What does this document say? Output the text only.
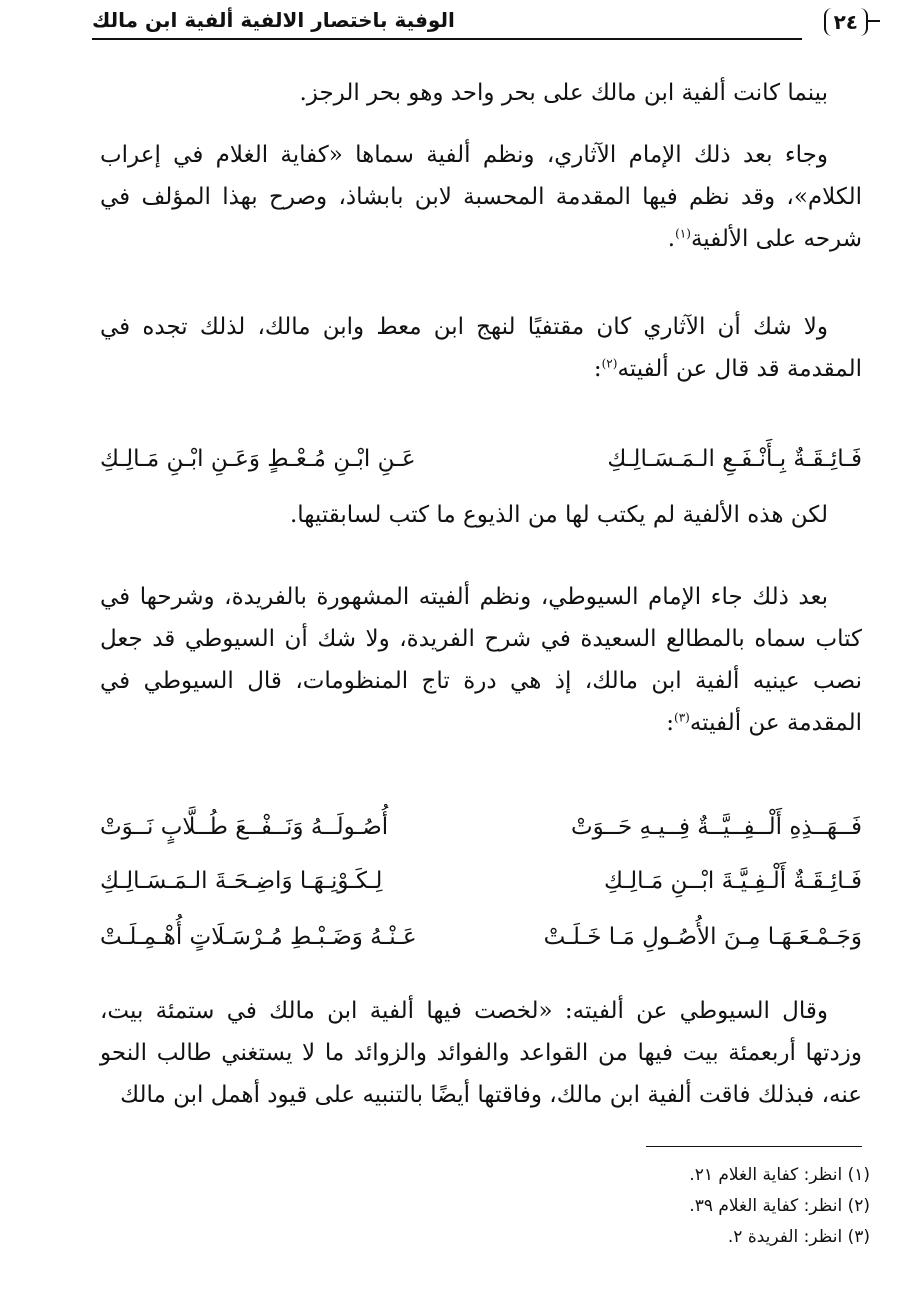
الوفية باختصار الالفية ألفية ابن مالك	٢٤
بينما كانت ألفية ابن مالك على بحر واحد وهو بحر الرجز.
وجاء بعد ذلك الإمام الآثاري، ونظم ألفية سماها «كفاية الغلام في إعراب الكلام»، وقد نظم فيها المقدمة المحسبة لابن بابشاذ، وصرح بهذا المؤلف في شرحه على الألفية$^{(١)}$.
ولا شك أن الآثاري كان مقتفيًا لنهج ابن معط وابن مالك، لذلك تجده في المقدمة قد قال عن ألفيته$^{(٢)}$:
فَـائِـقَـةٌ بِـأَنْـفَـعِ الـمَـسَـالِـكِ
عَـنِ ابْـنِ مُـعْـطٍ وَعَـنِ ابْـنِ مَـالِـكِ
لكن هذه الألفية لم يكتب لها من الذيوع ما كتب لسابقتيها.
بعد ذلك جاء الإمام السيوطي، ونظم ألفيته المشهورة بالفريدة، وشرحها في كتاب سماه بالمطالع السعيدة في شرح الفريدة، ولا شك أن السيوطي قد جعل نصب عينيه ألفية ابن مالك، إذ هي درة تاج المنظومات، قال السيوطي في المقدمة عن ألفيته$^{(٣)}$:
فَــهَــذِهِ أَلْــفِــيَّــةٌ فِــيـهِ حَــوَتْ
أُصُـولَــهُ وَنَــفْــعَ طُــلَّابٍ نَــوَتْ
فَـائِـقَـةٌ أَلْـفِـيَّـةَ ابْــنِ مَـالِـكِ
لِـكَـوْنِـهَـا وَاضِـحَـةَ الـمَـسَـالِـكِ
وَجَـمْـعَـهَـا مِـنَ الأُصُـولِ مَـا خَـلَـتْ
عَـنْـهُ وَضَـبْـطِ مُـرْسَـلَاتٍ أُهْـمِـلَـتْ
وقال السيوطي عن ألفيته: «لخصت فيها ألفية ابن مالك في ستمئة بيت، وزدتها أربعمئة بيت فيها من القواعد والفوائد والزوائد ما لا يستغني طالب النحو عنه، فبذلك فاقت ألفية ابن مالك، وفاقتها أيضًا بالتنبيه على قيود أهمل ابن مالك
(١) انظر: كفاية الغلام ٢١.
(٢) انظر: كفاية الغلام ٣٩.
(٣) انظر: الفريدة ٢.
